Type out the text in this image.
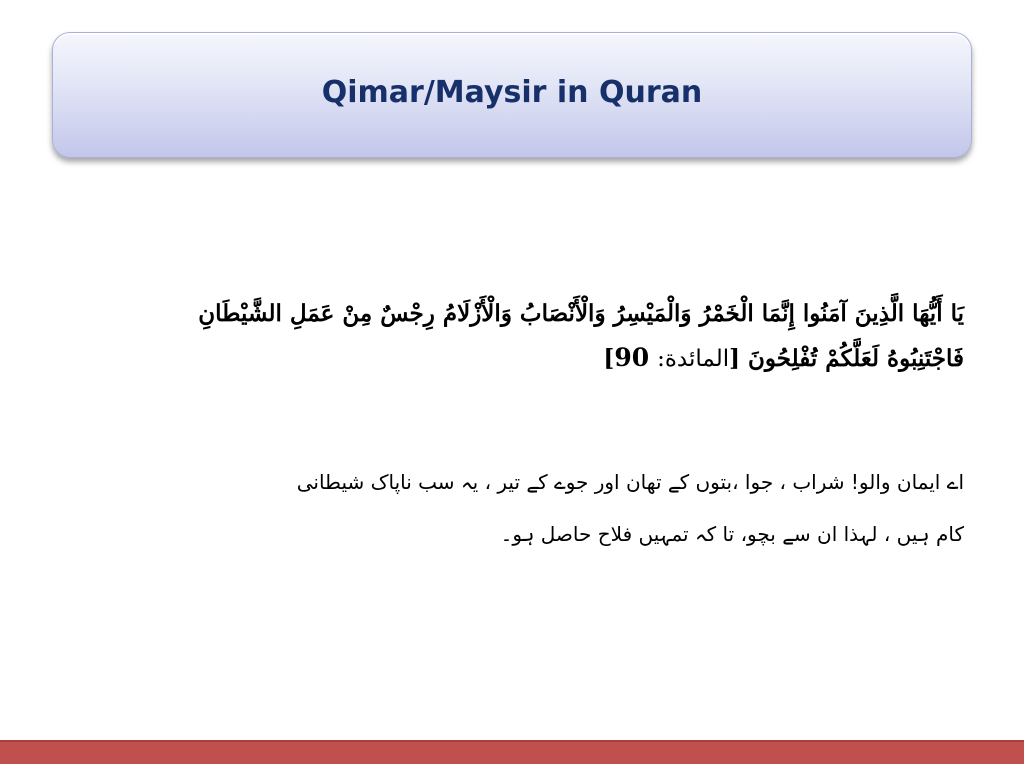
Qimar/Maysir in Quran
يَا أَيُّهَا الَّذِينَ آمَنُوا إِنَّمَا الْخَمْرُ وَالْمَيْسِرُ وَالْأَنْصَابُ وَالْأَزْلَامُ رِجْسٌ مِنْ عَمَلِ الشَّيْطَانِ
فَاجْتَنِبُوهُ لَعَلَّكُمْ تُفْلِحُونَ [المائدة: 90]
اے ایمان والو! شراب ، جوا ،بتوں کے تھان اور جوے کے تیر ، یہ سب ناپاک شیطانی
کام ہیں ، لہذا ان سے بچو، تا کہ تمہیں فلاح حاصل ہو۔
